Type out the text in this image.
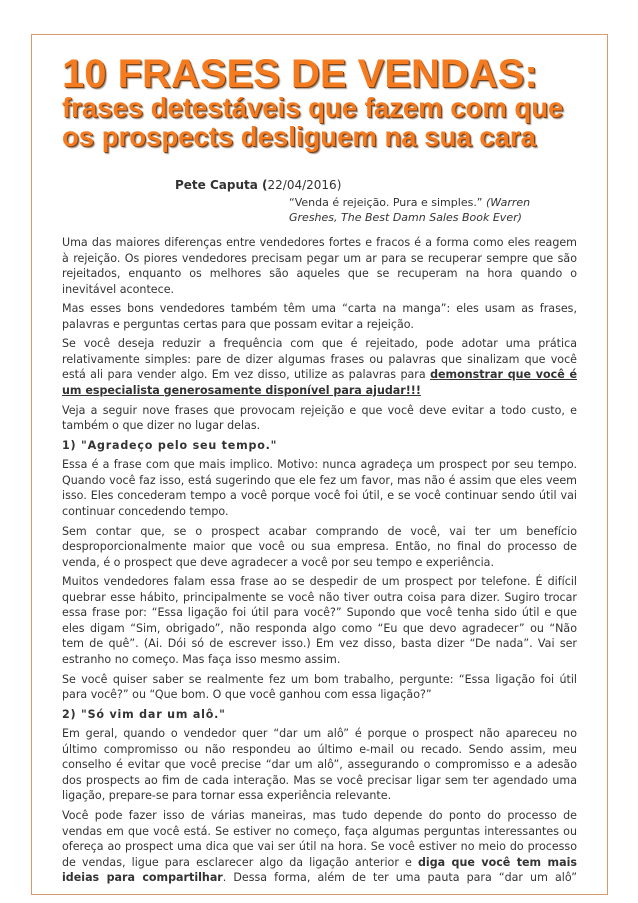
10 FRASES DE VENDAS:
frases detestáveis que fazem com que
os prospects desliguem na sua cara
Pete Caputa (22/04/2016)
“Venda é rejeição. Pura e simples.” (Warren Greshes, The Best Damn Sales Book Ever)

Uma das maiores diferenças entre vendedores fortes e fracos é a forma como eles reagem à rejeição. Os piores vendedores precisam pegar um ar para se recuperar sempre que são rejeitados, enquanto os melhores são aqueles que se recuperam na hora quando o inevitável acontece.

Mas esses bons vendedores também têm uma “carta na manga”: eles usam as frases, palavras e perguntas certas para que possam evitar a rejeição.

Se você deseja reduzir a frequência com que é rejeitado, pode adotar uma prática relativamente simples: pare de dizer algumas frases ou palavras que sinalizam que você está ali para vender algo. Em vez disso, utilize as palavras para demonstrar que você é um especialista generosamente disponível para ajudar!!!

Veja a seguir nove frases que provocam rejeição e que você deve evitar a todo custo, e também o que dizer no lugar delas.

1) "Agradeço pelo seu tempo."

Essa é a frase com que mais implico. Motivo: nunca agradeça um prospect por seu tempo. Quando você faz isso, está sugerindo que ele fez um favor, mas não é assim que eles veem isso. Eles concederam tempo a você porque você foi útil, e se você continuar sendo útil vai continuar concedendo tempo.

Sem contar que, se o prospect acabar comprando de você, vai ter um benefício desproporcionalmente maior que você ou sua empresa. Então, no final do processo de venda, é o prospect que deve agradecer a você por seu tempo e experiência.

Muitos vendedores falam essa frase ao se despedir de um prospect por telefone. É difícil quebrar esse hábito, principalmente se você não tiver outra coisa para dizer. Sugiro trocar essa frase por: “Essa ligação foi útil para você?” Supondo que você tenha sido útil e que eles digam “Sim, obrigado”, não responda algo como “Eu que devo agradecer” ou “Não tem de quê”. (Ai. Dói só de escrever isso.) Em vez disso, basta dizer “De nada”. Vai ser estranho no começo. Mas faça isso mesmo assim.

Se você quiser saber se realmente fez um bom trabalho, pergunte: “Essa ligação foi útil para você?” ou “Que bom. O que você ganhou com essa ligação?”

2) "Só vim dar um alô."

Em geral, quando o vendedor quer “dar um alô” é porque o prospect não apareceu no último compromisso ou não respondeu ao último e-mail ou recado. Sendo assim, meu conselho é evitar que você precise “dar um alô”, assegurando o compromisso e a adesão dos prospects ao fim de cada interação. Mas se você precisar ligar sem ter agendado uma ligação, prepare-se para tornar essa experiência relevante.

Você pode fazer isso de várias maneiras, mas tudo depende do ponto do processo de vendas em que você está. Se estiver no começo, faça algumas perguntas interessantes ou ofereça ao prospect uma dica que vai ser útil na hora. Se você estiver no meio do processo de vendas, ligue para esclarecer algo da ligação anterior e diga que você tem mais ideias para compartilhar. Dessa forma, além de ter uma pauta para “dar um alô”
